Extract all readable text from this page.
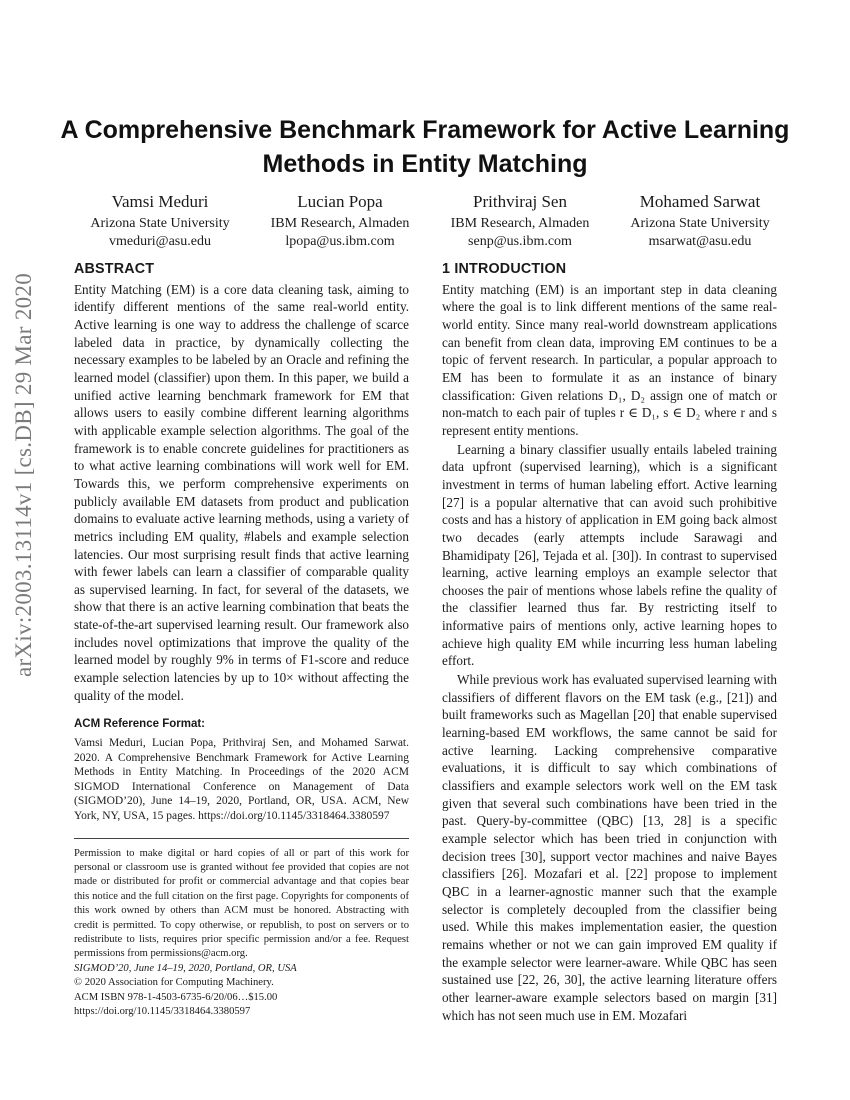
arXiv:2003.13114v1 [cs.DB] 29 Mar 2020
A Comprehensive Benchmark Framework for Active Learning Methods in Entity Matching
Vamsi Meduri
Arizona State University
vmeduri@asu.edu
Lucian Popa
IBM Research, Almaden
lpopa@us.ibm.com
Prithviraj Sen
IBM Research, Almaden
senp@us.ibm.com
Mohamed Sarwat
Arizona State University
msarwat@asu.edu
ABSTRACT

Entity Matching (EM) is a core data cleaning task, aiming to identify different mentions of the same real-world entity. Active learning is one way to address the challenge of scarce labeled data in practice, by dynamically collecting the necessary examples to be labeled by an Oracle and refining the learned model (classifier) upon them. In this paper, we build a unified active learning benchmark framework for EM that allows users to easily combine different learning algorithms with applicable example selection algorithms. The goal of the framework is to enable concrete guidelines for practitioners as to what active learning combinations will work well for EM. Towards this, we perform comprehensive experiments on publicly available EM datasets from product and publication domains to evaluate active learning methods, using a variety of metrics including EM quality, #labels and example selection latencies. Our most surprising result finds that active learning with fewer labels can learn a classifier of comparable quality as supervised learning. In fact, for several of the datasets, we show that there is an active learning combination that beats the state-of-the-art supervised learning result. Our framework also includes novel optimizations that improve the quality of the learned model by roughly 9% in terms of F1-score and reduce example selection latencies by up to 10× without affecting the quality of the model.

ACM Reference Format:

Vamsi Meduri, Lucian Popa, Prithviraj Sen, and Mohamed Sarwat. 2020. A Comprehensive Benchmark Framework for Active Learning Methods in Entity Matching. In Proceedings of the 2020 ACM SIGMOD International Conference on Management of Data (SIGMOD’20), June 14–19, 2020, Portland, OR, USA. ACM, New York, NY, USA, 15 pages. https://doi.org/10.1145/3318464.3380597

Permission to make digital or hard copies of all or part of this work for personal or classroom use is granted without fee provided that copies are not made or distributed for profit or commercial advantage and that copies bear this notice and the full citation on the first page. Copyrights for components of this work owned by others than ACM must be honored. Abstracting with credit is permitted. To copy otherwise, or republish, to post on servers or to redistribute to lists, requires prior specific permission and/or a fee. Request permissions from permissions@acm.org.

SIGMOD’20, June 14–19, 2020, Portland, OR, USA

© 2020 Association for Computing Machinery.

ACM ISBN 978-1-4503-6735-6/20/06…$15.00

https://doi.org/10.1145/3318464.3380597

1 INTRODUCTION

Entity matching (EM) is an important step in data cleaning where the goal is to link different mentions of the same real-world entity. Since many real-world downstream applications can benefit from clean data, improving EM continues to be a topic of fervent research. In particular, a popular approach to EM has been to formulate it as an instance of binary classification: Given relations D₁, D₂ assign one of match or non-match to each pair of tuples r ∈ D₁, s ∈ D₂ where r and s represent entity mentions.

Learning a binary classifier usually entails labeled training data upfront (supervised learning), which is a significant investment in terms of human labeling effort. Active learning [27] is a popular alternative that can avoid such prohibitive costs and has a history of application in EM going back almost two decades (early attempts include Sarawagi and Bhamidipaty [26], Tejada et al. [30]). In contrast to supervised learning, active learning employs an example selector that chooses the pair of mentions whose labels refine the quality of the classifier learned thus far. By restricting itself to informative pairs of mentions only, active learning hopes to achieve high quality EM while incurring less human labeling effort.

While previous work has evaluated supervised learning with classifiers of different flavors on the EM task (e.g., [21]) and built frameworks such as Magellan [20] that enable supervised learning-based EM workflows, the same cannot be said for active learning. Lacking comprehensive comparative evaluations, it is difficult to say which combinations of classifiers and example selectors work well on the EM task given that several such combinations have been tried in the past. Query-by-committee (QBC) [13, 28] is a specific example selector which has been tried in conjunction with decision trees [30], support vector machines and naive Bayes classifiers [26]. Mozafari et al. [22] propose to implement QBC in a learner-agnostic manner such that the example selector is completely decoupled from the classifier being used. While this makes implementation easier, the question remains whether or not we can gain improved EM quality if the example selector were learner-aware. While QBC has seen sustained use [22, 26, 30], the active learning literature offers other learner-aware example selectors based on margin [31] which has not seen much use in EM. Mozafari
